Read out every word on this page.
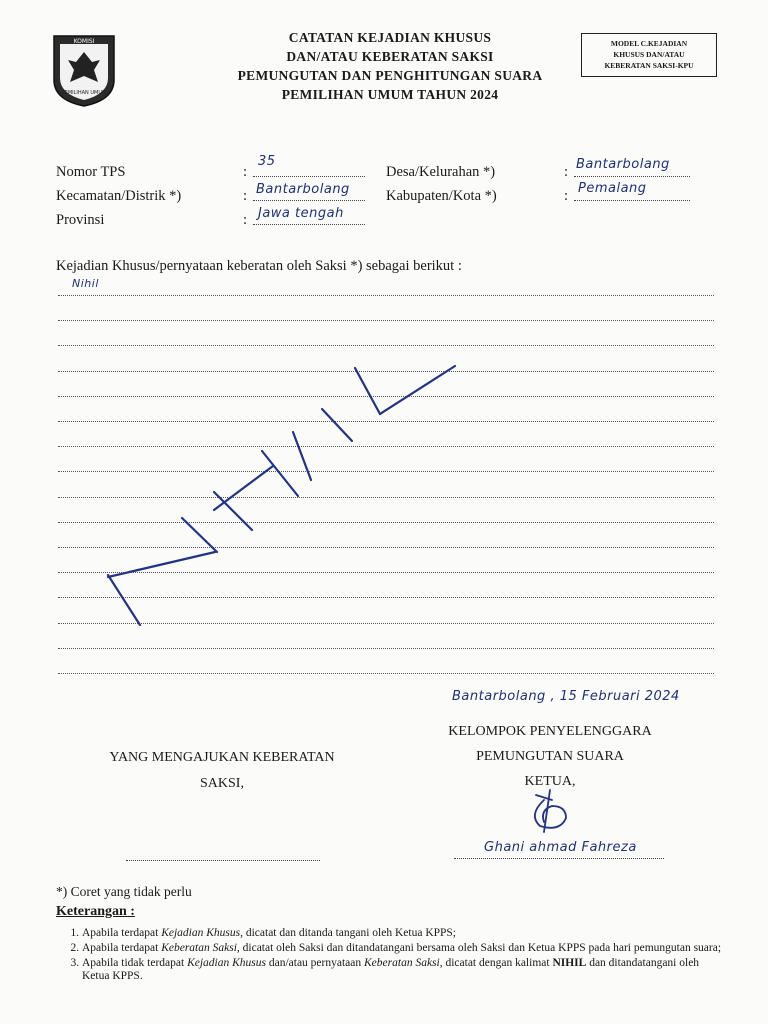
KOMISI
PEMILIHAN UMUM
CATATAN KEJADIAN KHUSUS
DAN/ATAU KEBERATAN SAKSI
PEMUNGUTAN DAN PENGHITUNGAN SUARA
PEMILIHAN UMUM TAHUN 2024
MODEL C.KEJADIAN
KHUSUS DAN/ATAU
KEBERATAN SAKSI-KPU
Nomor TPS	:
35
Kecamatan/Distrik *)	: Bantarbolang
Provinsi	: Jawa tengah
Desa/Kelurahan *)	: Bantarbolang
Kabupaten/Kota *)	: Pemalang
Kejadian Khusus/pernyataan keberatan oleh Saksi *) sebagai berikut :
Nihil
Bantarbolang , 15 Februari 2024
KELOMPOK PENYELENGGARA
PEMUNGUTAN SUARA
KETUA,
Ghani ahmad Fahreza
YANG MENGAJUKAN KEBERATAN
SAKSI,
*) Coret yang tidak perlu
Keterangan :
1. Apabila terdapat Kejadian Khusus, dicatat dan ditanda tangani oleh Ketua KPPS;
2. Apabila terdapat Keberatan Saksi, dicatat oleh Saksi dan ditandatangani bersama oleh Saksi dan Ketua KPPS pada hari pemungutan suara;
3. Apabila tidak terdapat Kejadian Khusus dan/atau pernyataan Keberatan Saksi, dicatat dengan kalimat NIHIL dan ditandatangani oleh Ketua KPPS.
